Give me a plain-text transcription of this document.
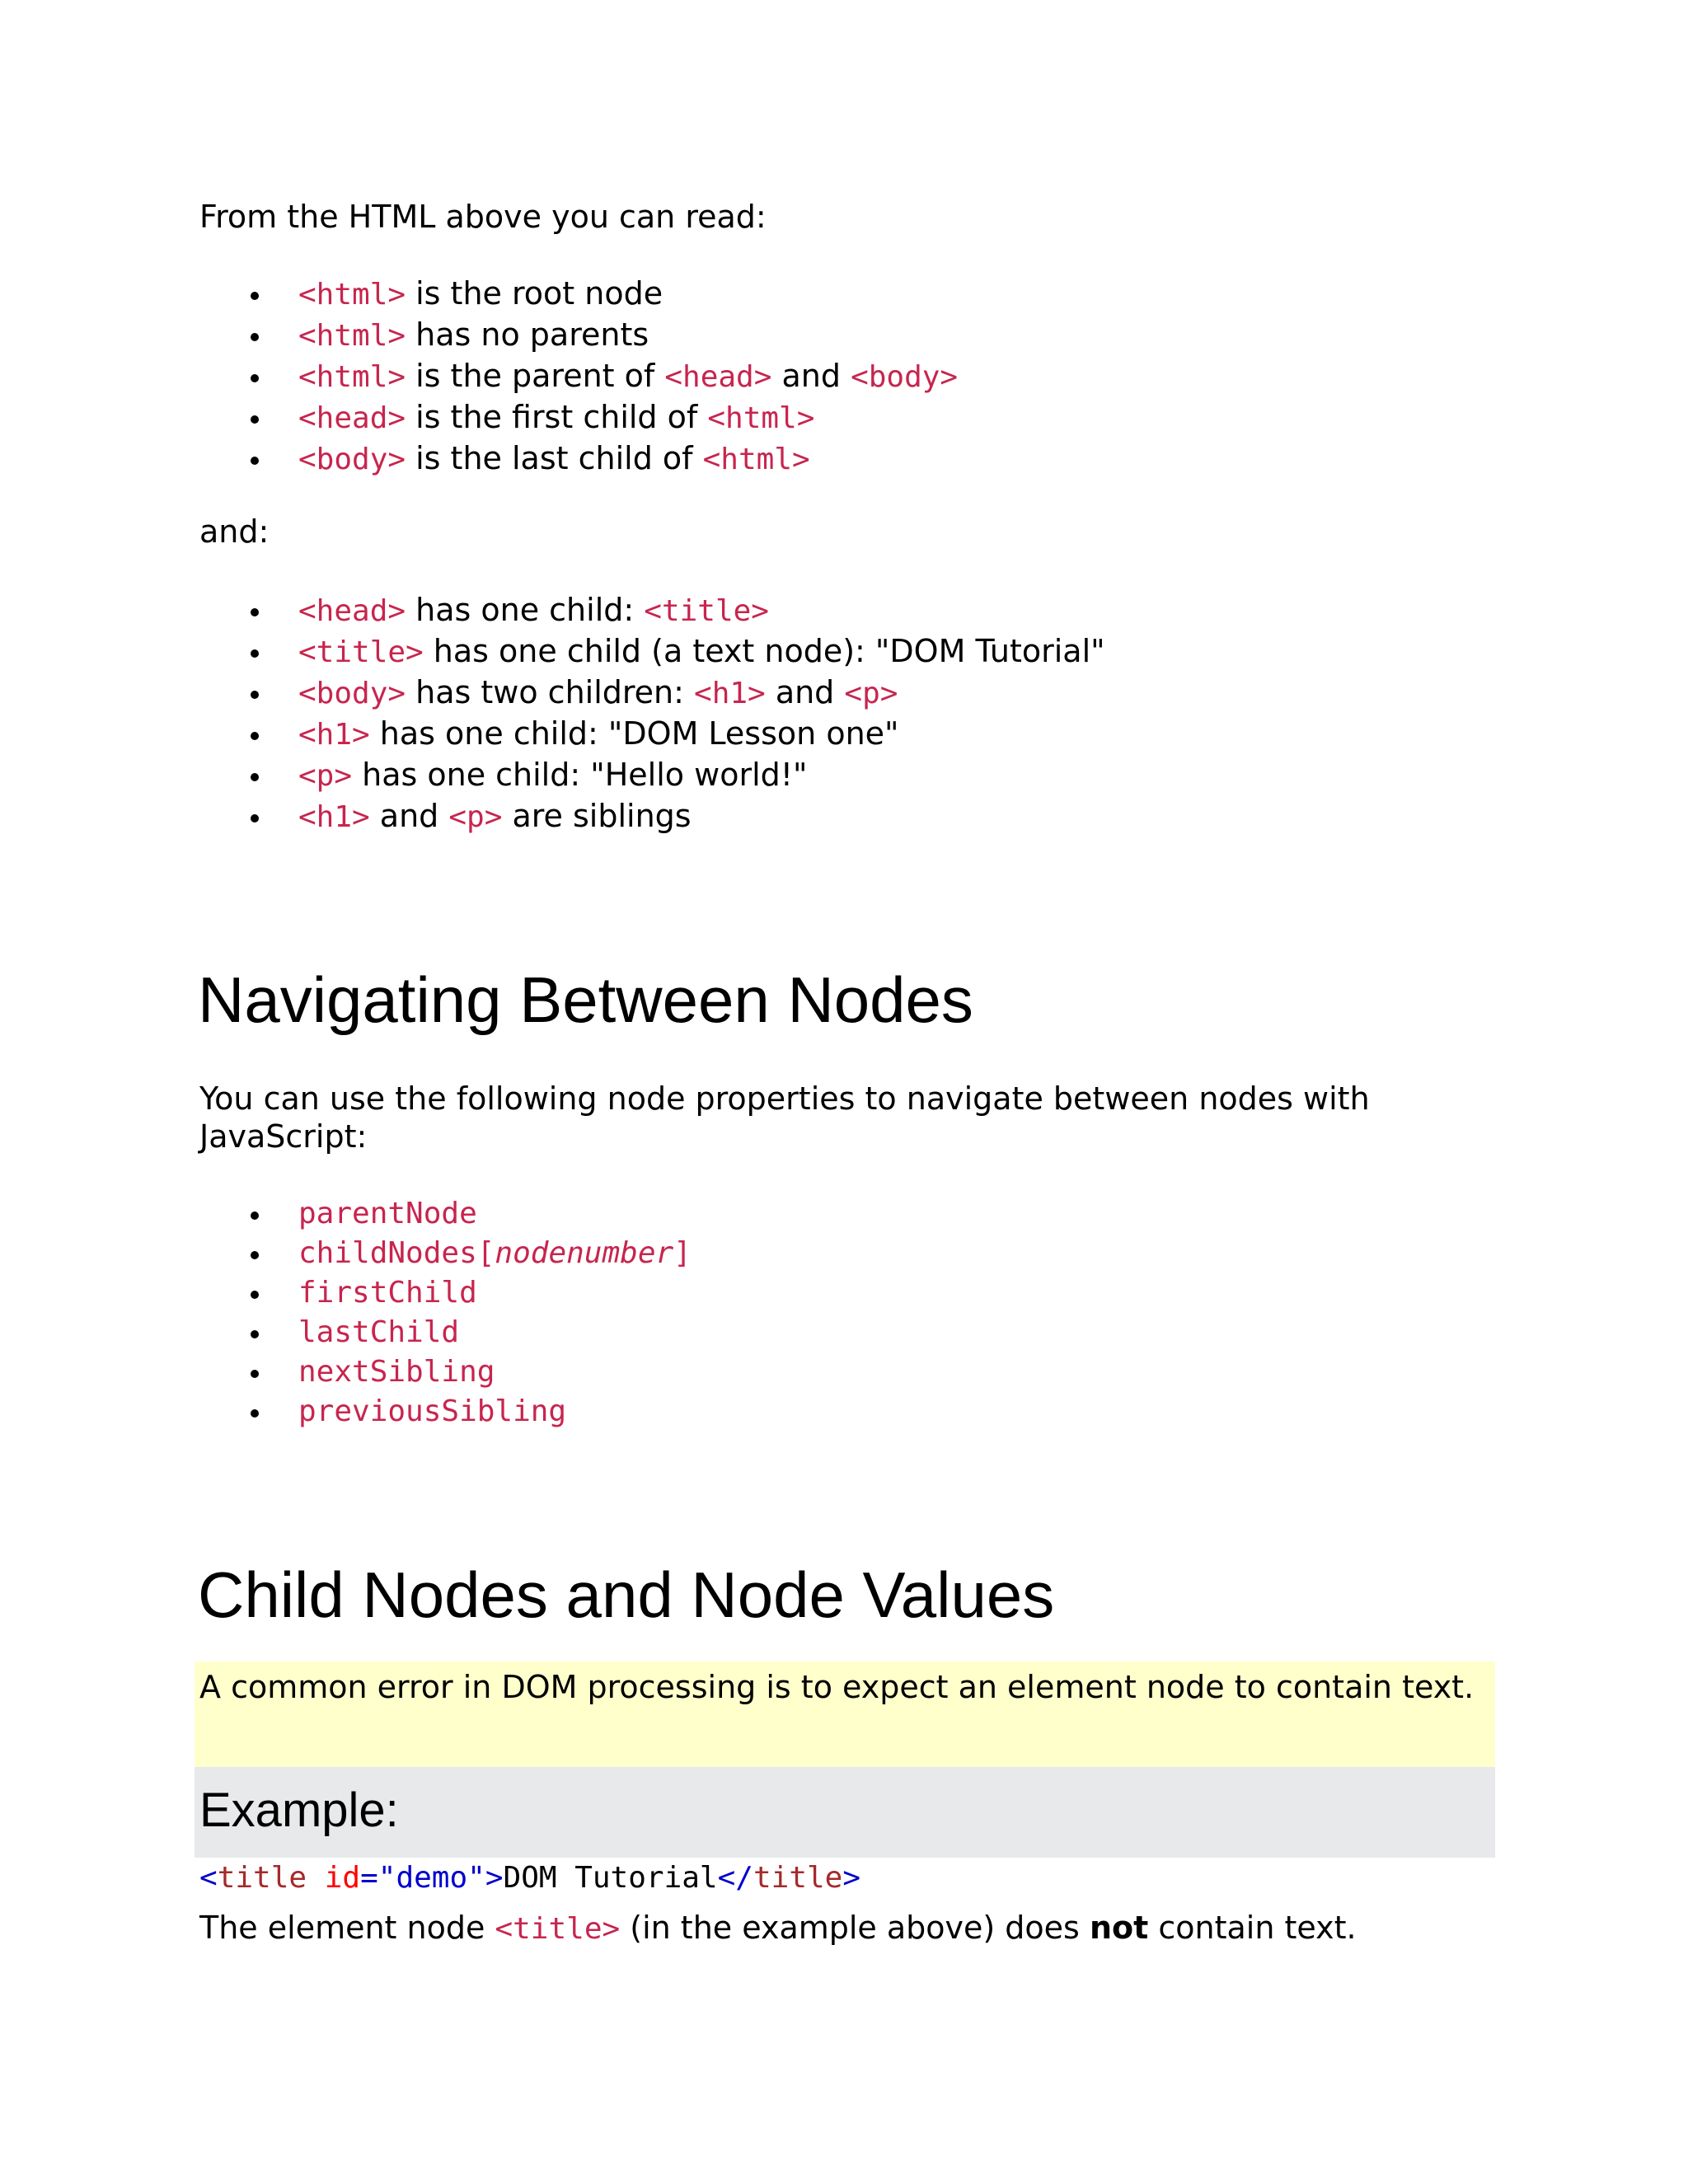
From the HTML above you can read:

<html> is the root node
<html> has no parents
<html> is the parent of <head> and <body>
<head> is the first child of <html>
<body> is the last child of <html>

and:

<head> has one child: <title>
<title> has one child (a text node): "DOM Tutorial"
<body> has two children: <h1> and <p>
<h1> has one child: "DOM Lesson one"
<p> has one child: "Hello world!"
<h1> and <p> are siblings
Navigating Between Nodes

You can use the following node properties to navigate between nodes with JavaScript:

parentNode
childNodes[nodenumber]
firstChild
lastChild
nextSibling
previousSibling
Child Nodes and Node Values
A common error in DOM processing is to expect an element node to contain text.
Example:
<title id="demo">DOM Tutorial</title>

The element node <title> (in the example above) does not contain text.
